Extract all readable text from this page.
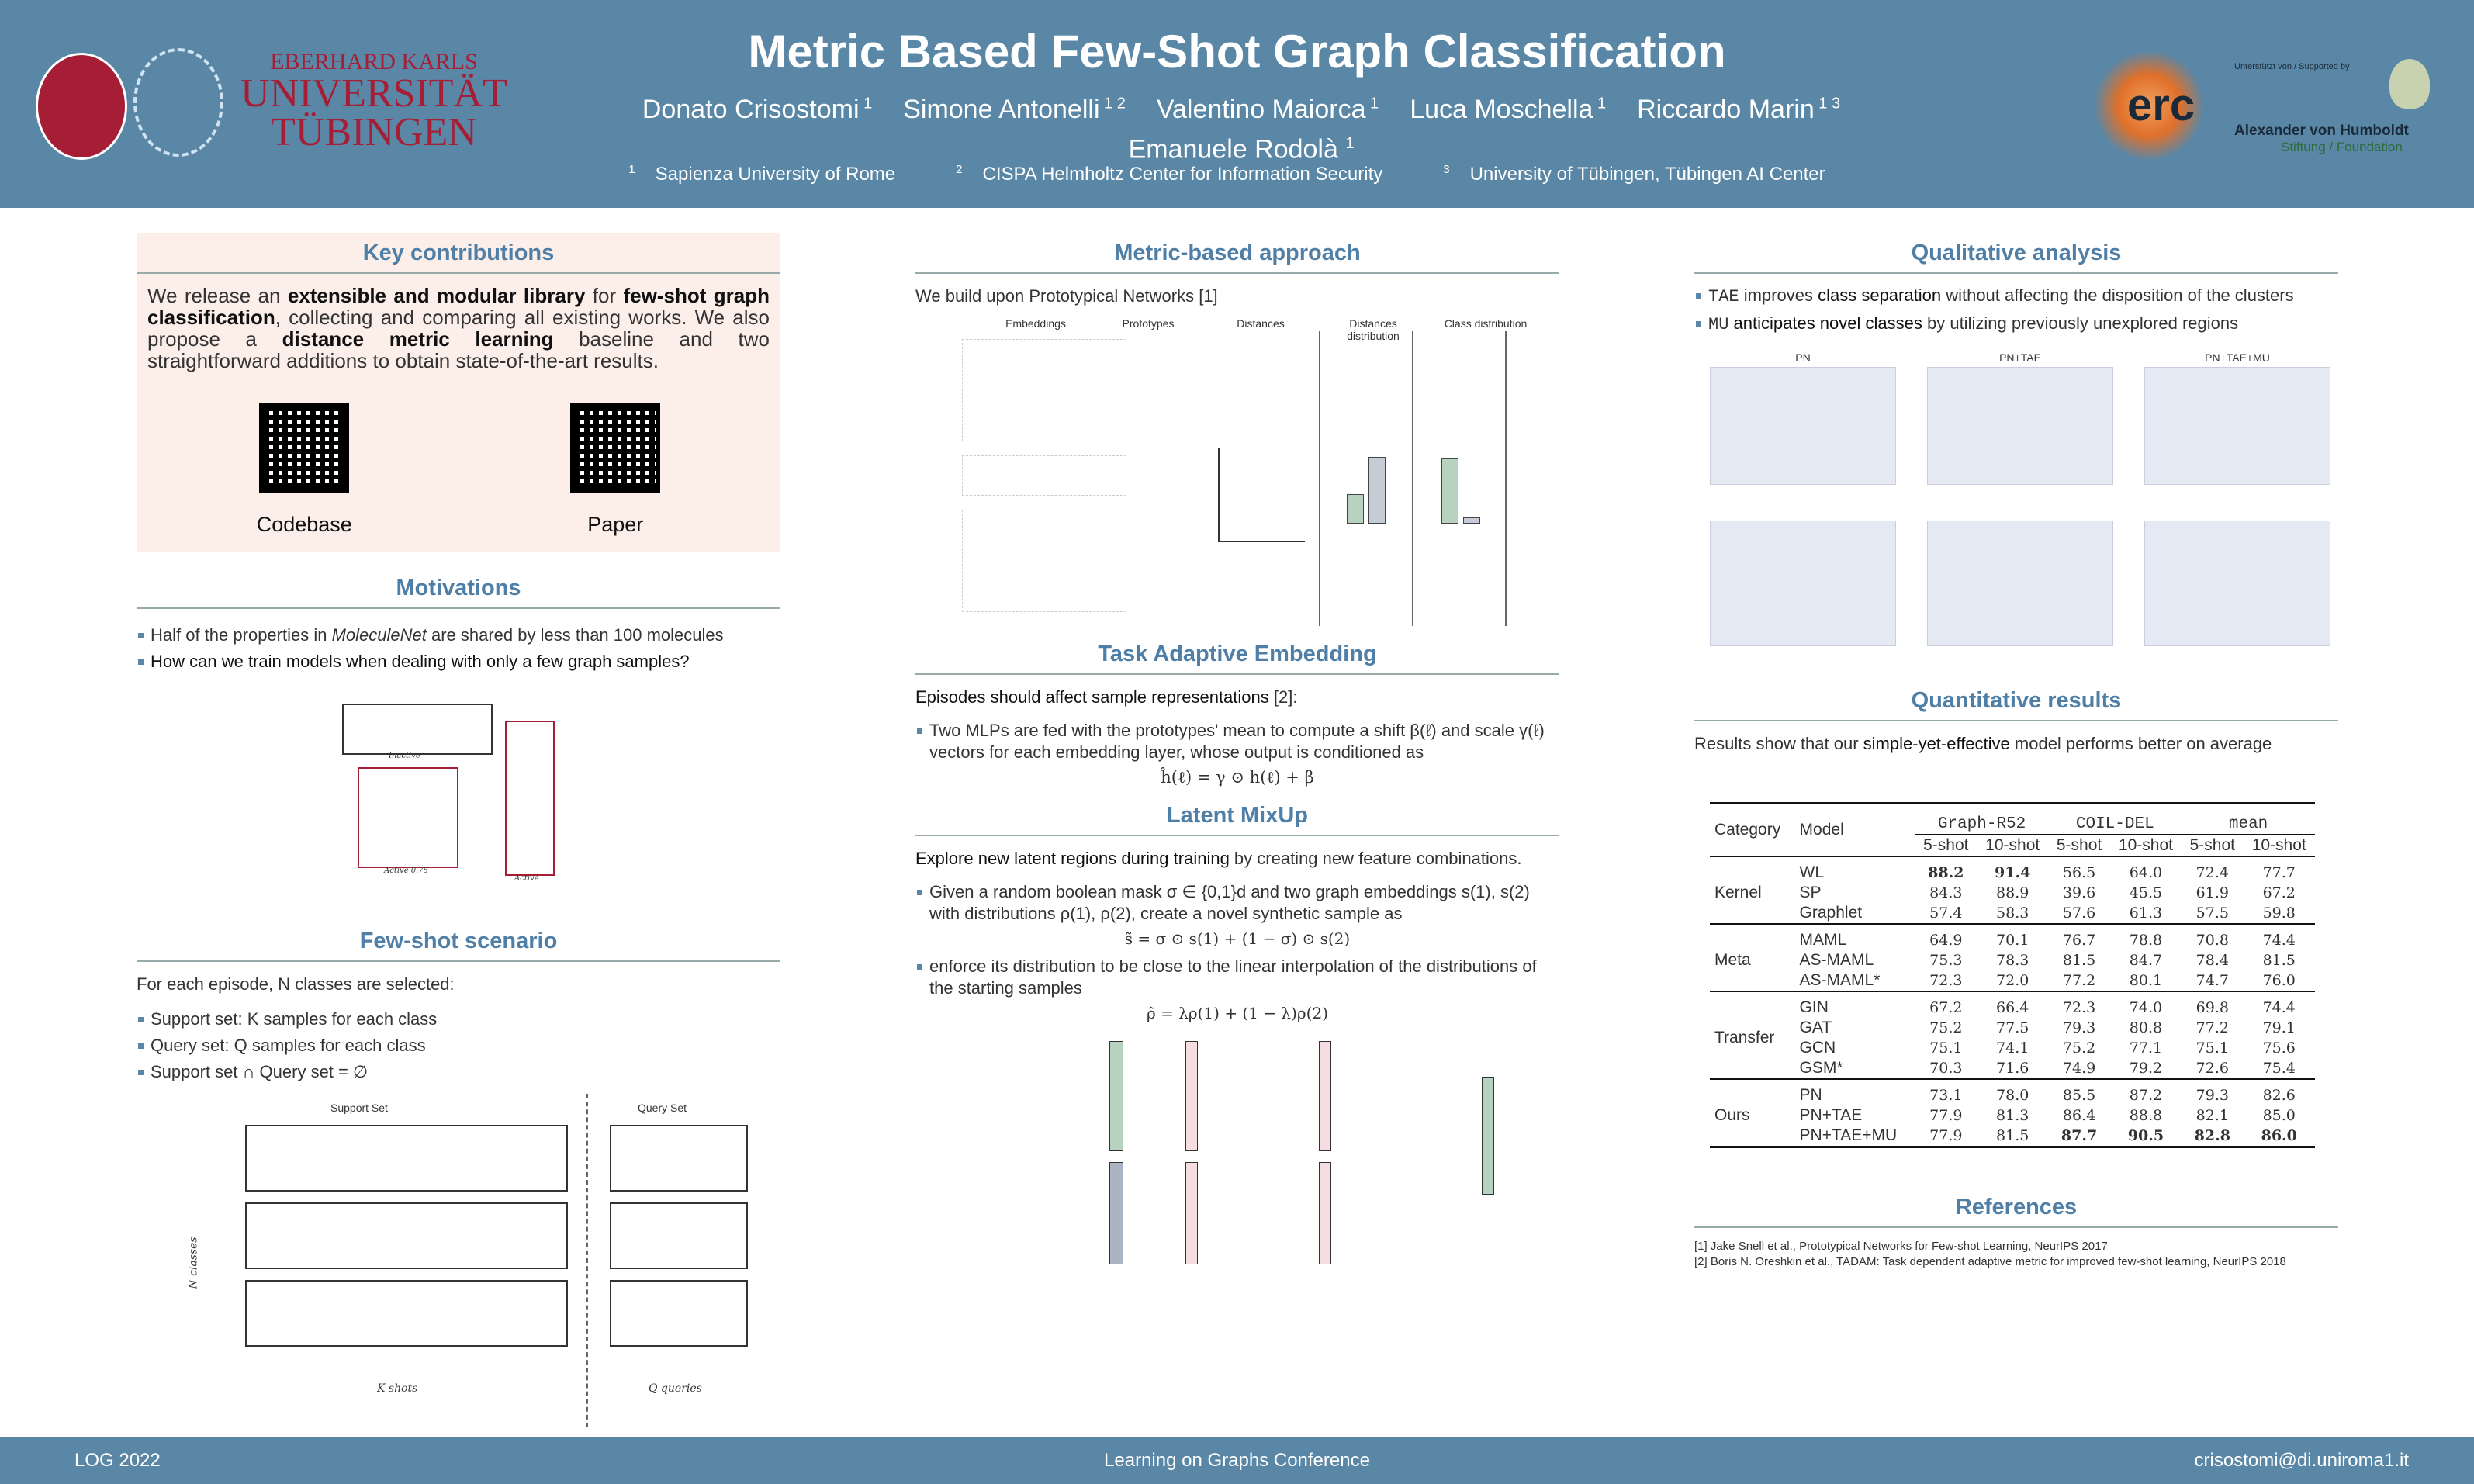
EBERHARD KARLS
UNIVERSITÄT
TÜBINGEN
Metric Based Few-Shot Graph Classification
Donato Crisostomi $^1$ Simone Antonelli $^{1 2}$ Valentino Maiorca $^1$ Luca Moschella $^1$ Riccardo Marin $^{1 3}$
Emanuele Rodolà $^1$
$^1$ Sapienza University of Rome	$^2$ CISPA Helmholtz Center for Information Security	$^3$ University of Tübingen, Tübingen AI Center
erc
Unterstützt von / Supported by
Alexander von Humboldt
Stiftung / Foundation
Key contributions
We release an extensible and modular library for few-shot graph classification, collecting and comparing all existing works. We also propose a distance metric learning baseline and two straightforward additions to obtain state-of-the-art results.
Codebase	Paper
Motivations
Half of the properties in MoleculeNet are shared by less than 100 molecules
How can we train models when dealing with only a few graph samples?
Inactive
Active 0.75
Active
Few-shot scenario
For each episode, N classes are selected:
Support set: K samples for each class
Query set: Q samples for each class
Support set ∩ Query set = ∅
Support Set	Query Set
N classes
K shots	Q queries
Metric-based approach
We build upon Prototypical Networks [1]
Embeddings	Prototypes	Distances	Distances distribution
Class distribution
Task Adaptive Embedding
Episodes should affect sample representations [2]:
Two MLPs are fed with the prototypes' mean to compute a shift β(ℓ) and scale γ(ℓ) vectors for each embedding layer, whose output is conditioned as
ĥ(ℓ) = γ ⊙ h(ℓ) + β
Latent MixUp
Explore new latent regions during training by creating new feature combinations.
Given a random boolean mask σ ∈ {0,1}d and two graph embeddings s(1), s(2) with distributions ρ(1), ρ(2), create a novel synthetic sample as
s̃ = σ ⊙ s(1) + (1 − σ) ⊙ s(2)
enforce its distribution to be close to the linear interpolation of the distributions of the starting samples
ρ̃ = λρ(1) + (1 − λ)ρ(2)
Qualitative analysis
TAE improves class separation without affecting the disposition of the clusters
MU anticipates novel classes by utilizing previously unexplored regions
PN	PN+TAE	PN+TAE+MU
Quantitative results
Results show that our simple-yet-effective model performs better on average
Category	Model	Graph-R52		COIL-DEL		mean	
		5-shot	10-shot	5-shot	10-shot	5-shot	10-shot
Kernel	WL	88.2	91.4	56.5	64.0	72.4	77.7
	SP	84.3	88.9	39.6	45.5	61.9	67.2
	Graphlet	57.4	58.3	57.6	61.3	57.5	59.8
Meta	MAML	64.9	70.1	76.7	78.8	70.8	74.4
	AS-MAML	75.3	78.3	81.5	84.7	78.4	81.5
	AS-MAML*	72.3	72.0	77.2	80.1	74.7	76.0
Transfer	GIN	67.2	66.4	72.3	74.0	69.8	74.4
	GAT	75.2	77.5	79.3	80.8	77.2	79.1
	GCN	75.1	74.1	75.2	77.1	75.1	75.6
	GSM*	70.3	71.6	74.9	79.2	72.6	75.4
Ours	PN	73.1	78.0	85.5	87.2	79.3	82.6
	PN+TAE	77.9	81.3	86.4	88.8	82.1	85.0
	PN+TAE+MU	77.9	81.5	87.7	90.5	82.8	86.0
References
[1] Jake Snell et al., Prototypical Networks for Few-shot Learning, NeurIPS 2017
[2] Boris N. Oreshkin et al., TADAM: Task dependent adaptive metric for improved few-shot learning, NeurIPS 2018
LOG 2022	Learning on Graphs Conference	crisostomi@di.uniroma1.it
